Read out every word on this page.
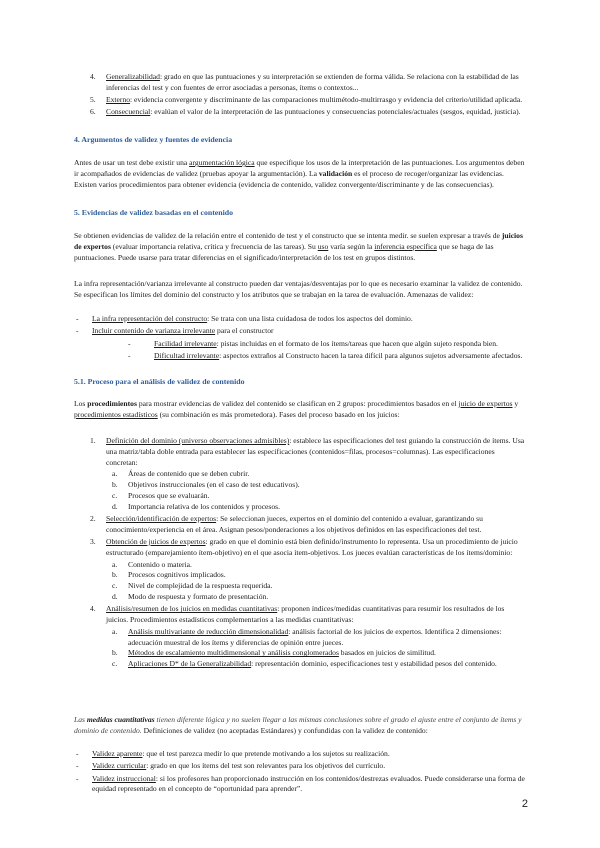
4. Generalizabilidad: grado en que las puntuaciones y su interpretación se extienden de forma válida. Se relaciona con la estabilidad de las inferencias del test y con fuentes de error asociadas a personas, ítems o contextos...
5. Externo: evidencia convergente y discriminante de las comparaciones multimétodo-multirrasgo y evidencia del criterio/utilidad aplicada.
6. Consecuencial: evalúan el valor de la interpretación de las puntuaciones y consecuencias potenciales/actuales (sesgos, equidad, justicia).

4. Argumentos de validez y fuentes de evidencia

Antes de usar un test debe existir una argumentación lógica que especifique los usos de la interpretación de las puntuaciones. Los argumentos deben ir acompañados de evidencias de validez (pruebas apoyar la argumentación). La validación es el proceso de recoger/organizar las evidencias. Existen varios procedimientos para obtener evidencia (evidencia de contenido, validez convergente/discriminante y de las consecuencias).

5. Evidencias de validez basadas en el contenido

Se obtienen evidencias de validez de la relación entre el contenido de test y el constructo que se intenta medir. se suelen expresar a través de juicios de expertos (evaluar importancia relativa, crítica y frecuencia de las tareas). Su uso varía según la inferencia específica que se haga de las puntuaciones. Puede usarse para tratar diferencias en el significado/interpretación de los test en grupos distintos.

La infra representación/varianza irrelevante al constructo pueden dar ventajas/desventajas por lo que es necesario examinar la validez de contenido. Se especifican los límites del dominio del constructo y los atributos que se trabajan en la tarea de evaluación. Amenazas de validez:

- La infra representación del constructo: Se trata con una lista cuidadosa de todos los aspectos del dominio.
- Incluir contenido de varianza irrelevante para el constructor
-	Facilidad irrelevante: pistas incluidas en el formato de los ítems/tareas que hacen que algún sujeto responda bien.
-	Dificultad irrelevante: aspectos extraños al Constructo hacen la tarea difícil para algunos sujetos adversamente afectados.

5.1. Proceso para el análisis de validez de contenido

Los procedimientos para mostrar evidencias de validez del contenido se clasifican en 2 grupos: procedimientos basados en el juicio de expertos y procedimientos estadísticos (su combinación es más prometedora). Fases del proceso basado en los juicios:

1. Definición del dominio (universo observaciones admisibles): establece las especificaciones del test guiando la construcción de ítems. Usa una matriz/tabla doble entrada para establecer las especificaciones (contenidos=filas, procesos=columnas). Las especificaciones concretan:
a. Áreas de contenido que se deben cubrir.
b. Objetivos instruccionales (en el caso de test educativos).
c. Procesos que se evaluarán.
d. Importancia relativa de los contenidos y procesos.
2. Selección/identificación de expertos: Se seleccionan jueces, expertos en el dominio del contenido a evaluar, garantizando su conocimiento/experiencia en el área. Asignan pesos/ponderaciones a los objetivos definidos en las especificaciones del test.
3. Obtención de juicios de expertos: grado en que el dominio está bien definido/instrumento lo representa. Usa un procedimiento de juicio estructurado (emparejamiento ítem-objetivo) en el que asocia ítem-objetivos. Los jueces evalúan características de los ítems/dominio:
a. Contenido o materia.
b. Procesos cognitivos implicados.
c. Nivel de complejidad de la respuesta requerida.
d. Modo de respuesta y formato de presentación.
4. Análisis/resumen de los juicios en medidas cuantitativas: proponen índices/medidas cuantitativas para resumir los resultados de los juicios. Procedimientos estadísticos complementarios a las medidas cuantitativas:
a. Análisis multivariante de reducción dimensionalidad: análisis factorial de los juicios de expertos. Identifica 2 dimensiones: adecuación muestral de los ítems y diferencias de opinión entre jueces.
b. Métodos de escalamiento multidimensional y análisis conglomerados basados en juicios de similitud.
c. Aplicaciones D* de la Generalizabilidad: representación dominio, especificaciones test y estabilidad pesos del contenido.

Las medidas cuantitativas tienen diferente lógica y no suelen llegar a las mismas conclusiones sobre el grado el ajuste entre el conjunto de ítems y dominio de contenido. Definiciones de validez (no aceptadas Estándares) y confundidas con la validez de contenido:

- Validez aparente: que el test parezca medir lo que pretende motivando a los sujetos su realización.
- Validez curricular: grado en que los ítems del test son relevantes para los objetivos del currículo.
- Validez instruccional: si los profesores han proporcionado instrucción en los contenidos/destrezas evaluados. Puede considerarse una forma de equidad representado en el concepto de “oportunidad para aprender”.
2
